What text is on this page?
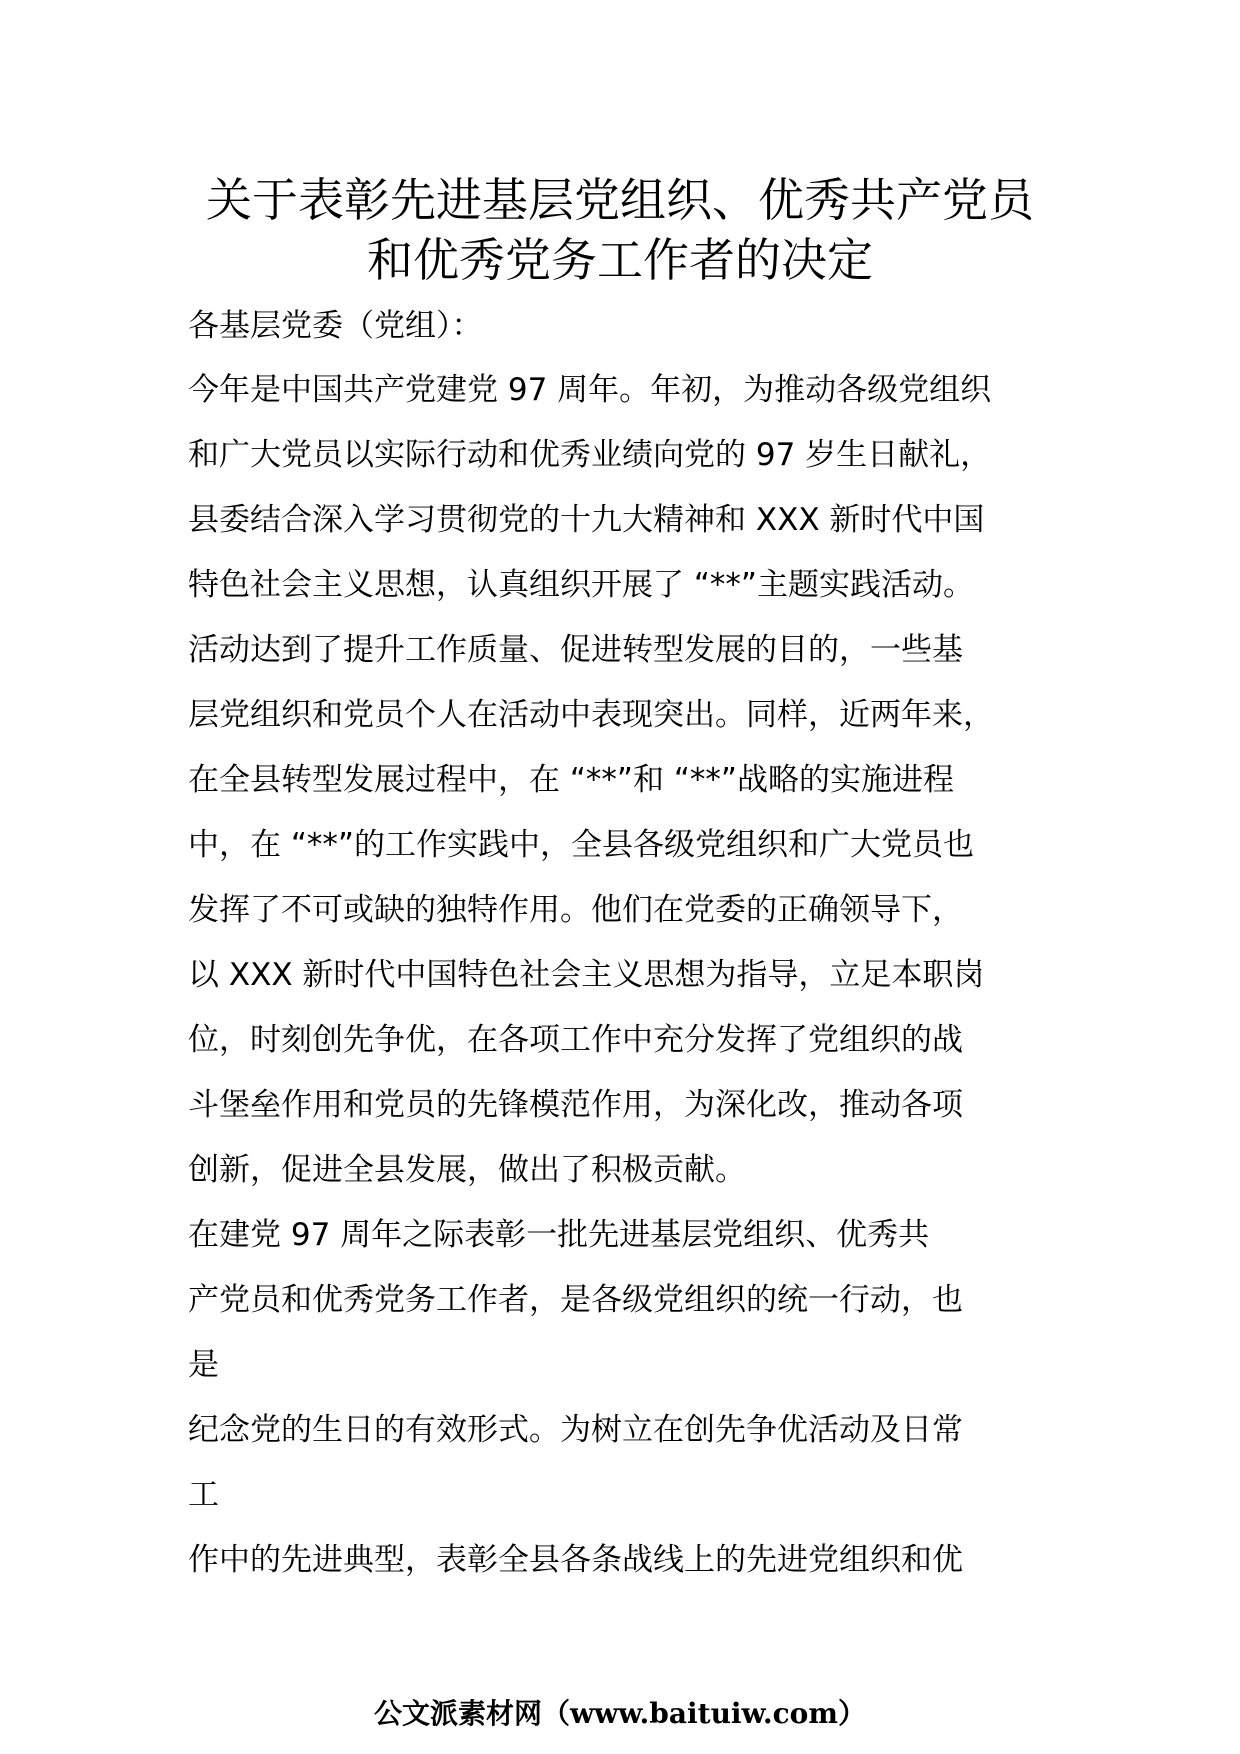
关于表彰先进基层党组织、优秀共产党员
和优秀党务工作者的决定
各基层党委（党组）：
今年是中国共产党建党 97 周年。年初，为推动各级党组织
和广大党员以实际行动和优秀业绩向党的 97 岁生日献礼，
县委结合深入学习贯彻党的十九大精神和 XXX 新时代中国
特色社会主义思想，认真组织开展了 “**”主题实践活动。
活动达到了提升工作质量、促进转型发展的目的，一些基
层党组织和党员个人在活动中表现突出。同样，近两年来，
在全县转型发展过程中，在 “**”和 “**”战略的实施进程
中，在 “**”的工作实践中，全县各级党组织和广大党员也
发挥了不可或缺的独特作用。他们在党委的正确领导下，
以 XXX 新时代中国特色社会主义思想为指导，立足本职岗
位，时刻创先争优，在各项工作中充分发挥了党组织的战
斗堡垒作用和党员的先锋模范作用，为深化改，推动各项
创新，促进全县发展，做出了积极贡献。
在建党 97 周年之际表彰一批先进基层党组织、优秀共
产党员和优秀党务工作者，是各级党组织的统一行动，也
是
纪念党的生日的有效形式。为树立在创先争优活动及日常
工
作中的先进典型，表彰全县各条战线上的先进党组织和优
公文派素材网（www.baituiw.com）
